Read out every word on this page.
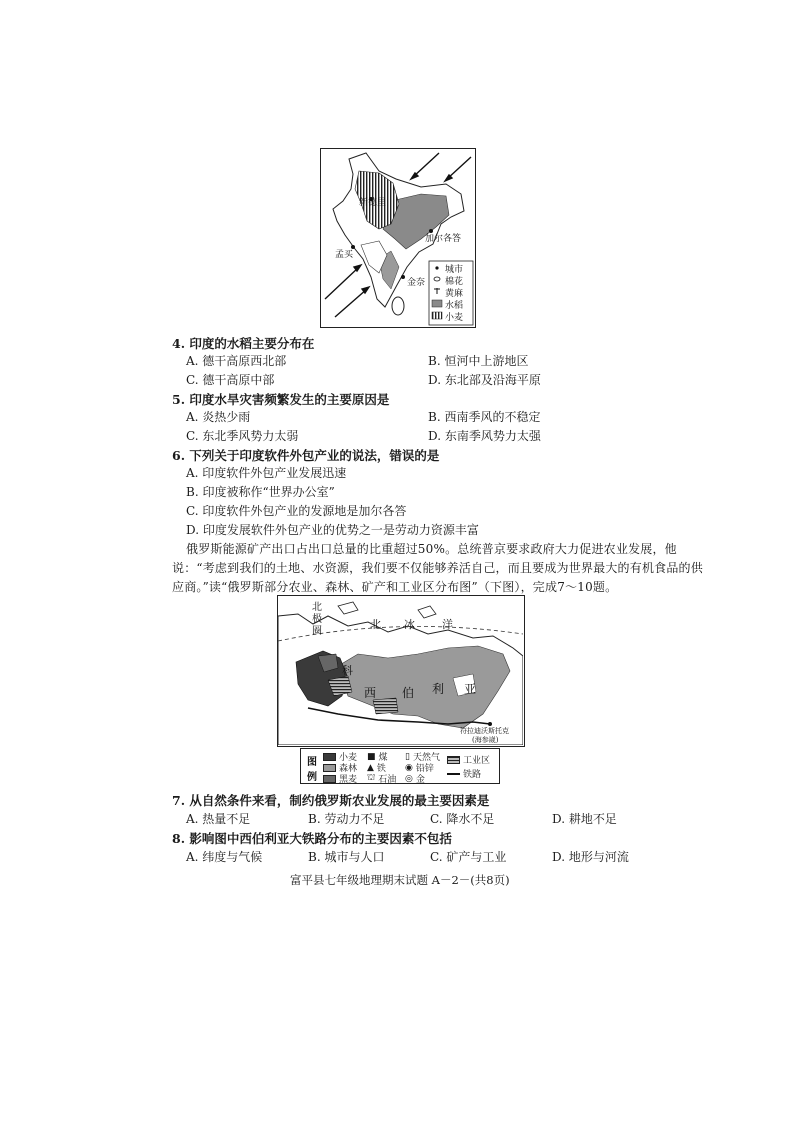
新德里
加尔各答
孟买
金奈
城市
棉花
黄麻
水稻
小麦
4. 印度的水稻主要分布在
A. 德干高原西北部	B. 恒河中上游地区
C. 德干高原中部	D. 东北部及沿海平原
5. 印度水旱灾害频繁发生的主要原因是
A. 炎热少雨	B. 西南季风的不稳定
C. 东北季风势力太弱	D. 东南季风势力太强
6. 下列关于印度软件外包产业的说法，错误的是
A. 印度软件外包产业发展迅速
B. 印度被称作“世界办公室”
C. 印度软件外包产业的发源地是加尔各答
D. 印度发展软件外包产业的优势之一是劳动力资源丰富
俄罗斯能源矿产出口占出口总量的比重超过50%。总统普京要求政府大力促进农业发展，他
说：“考虑到我们的土地、水资源，我们要不仅能够养活自己，而且要成为世界最大的有机食品的供
应商。”读“俄罗斯部分农业、森林、矿产和工业区分布图”（下图），完成7～10题。
北
极
圈
北 冰 洋
西 伯 利 亚
科
符拉迪沃斯托克
(海参崴)
图
例
小麦
森林
黑麦
■ 煤
▲ 铁
⛫ 石油
▯ 天然气
◉ 铅锌
◎ 金
工业区
铁路
7. 从自然条件来看，制约俄罗斯农业发展的最主要因素是
A. 热量不足	B. 劳动力不足	C. 降水不足	D. 耕地不足
8. 影响图中西伯利亚大铁路分布的主要因素不包括
A. 纬度与气候	B. 城市与人口	C. 矿产与工业	D. 地形与河流
富平县七年级地理期末试题 A－2－(共8页)
